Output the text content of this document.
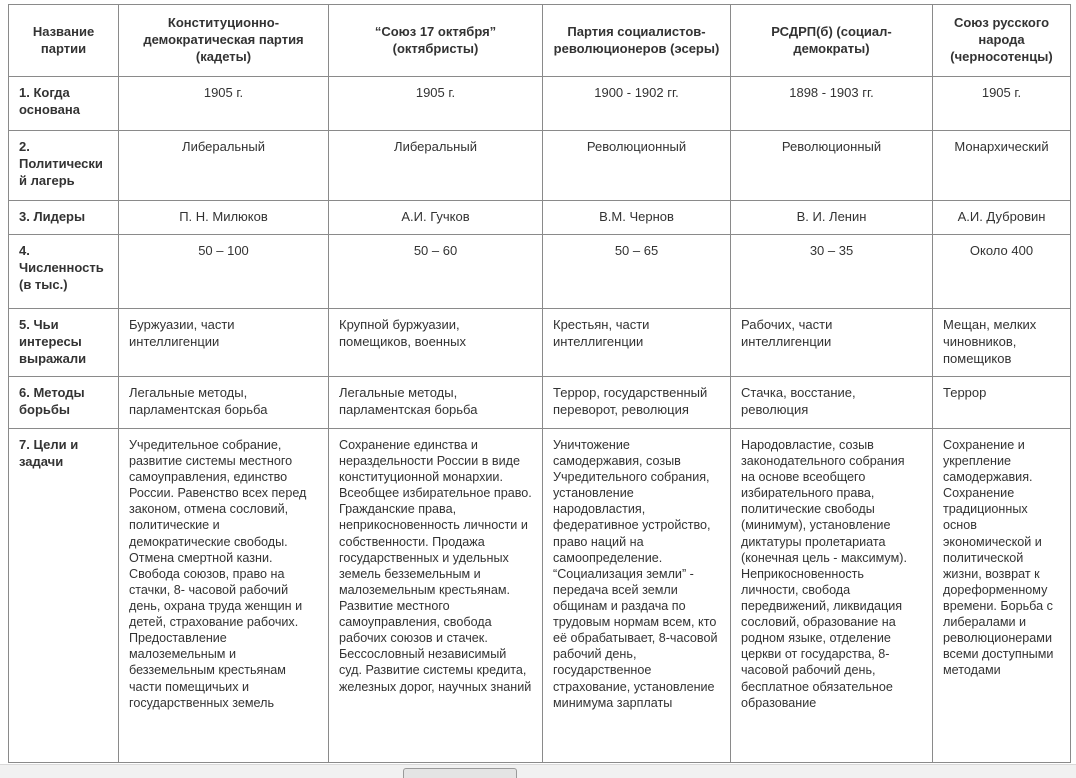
Название партии	Конституционно-демократическая партия (кадеты)	“Союз 17 октября” (октябристы)	Партия социалистов-революционеров (эсеры)	РСДРП(б) (социал-демократы)	Союз русского народа (черносотенцы)
1. Когда основана	1905 г.	1905 г.	1900 - 1902 гг.	1898 - 1903 гг.	1905 г.
2. Политический лагерь	Либеральный	Либеральный	Революционный	Революционный	Монархический
3. Лидеры	П. Н. Милюков	А.И. Гучков	В.М. Чернов	В. И. Ленин	А.И. Дубровин
4. Численность (в тыс.)	50 – 100	50 – 60	50 – 65	30 – 35	Около 400
5. Чьи интересы выражали	Буржуазии, части интеллигенции	Крупной буржуазии, помещиков, военных	Крестьян, части интеллигенции	Рабочих, части интеллигенции	Мещан, мелких чиновников, помещиков
6. Методы борьбы	Легальные методы, парламентская борьба	Легальные методы, парламентская борьба	Террор, государственный переворот, революция	Стачка, восстание, революция	Террор
7. Цели и задачи	Учредительное собрание, развитие системы местного самоуправления, единство России. Равенство всех перед законом, отмена сословий, политические и демократические свободы. Отмена смертной казни. Свобода союзов, право на стачки, 8- часовой рабочий день, охрана труда женщин и детей, страхование рабочих. Предоставление малоземельным и безземельным крестьянам части помещичьих и государственных земель	Сохранение единства и нераздельности России в виде конституционной монархии. Всеобщее избирательное право. Гражданские права, неприкосновенность личности и собственности. Продажа государственных и удельных земель безземельным и малоземельным крестьянам. Развитие местного самоуправления, свобода рабочих союзов и стачек. Бессословный независимый суд. Развитие системы кредита, железных дорог, научных знаний	Уничтожение самодержавия, созыв Учредительного собрания, установление народовластия, федеративное устройство, право наций на самоопределение. “Социализация земли” - передача всей земли общинам и раздача по трудовым нормам всем, кто её обрабатывает, 8-часовой рабочий день, государственное страхование, установление минимума зарплаты	Народовластие, созыв законодательного собрания на основе всеобщего избирательного права, политические свободы (минимум), установление диктатуры пролетариата (конечная цель - максимум). Неприкосновенность личности, свобода передвижений, ликвидация сословий, образование на родном языке, отделение церкви от государства, 8-часовой рабочий день, бесплатное обязательное образование	Сохранение и укрепление самодержавия. Сохранение традиционных основ экономической и политической жизни, возврат к дореформенному времени. Борьба с либералами и революционерами всеми доступными методами
